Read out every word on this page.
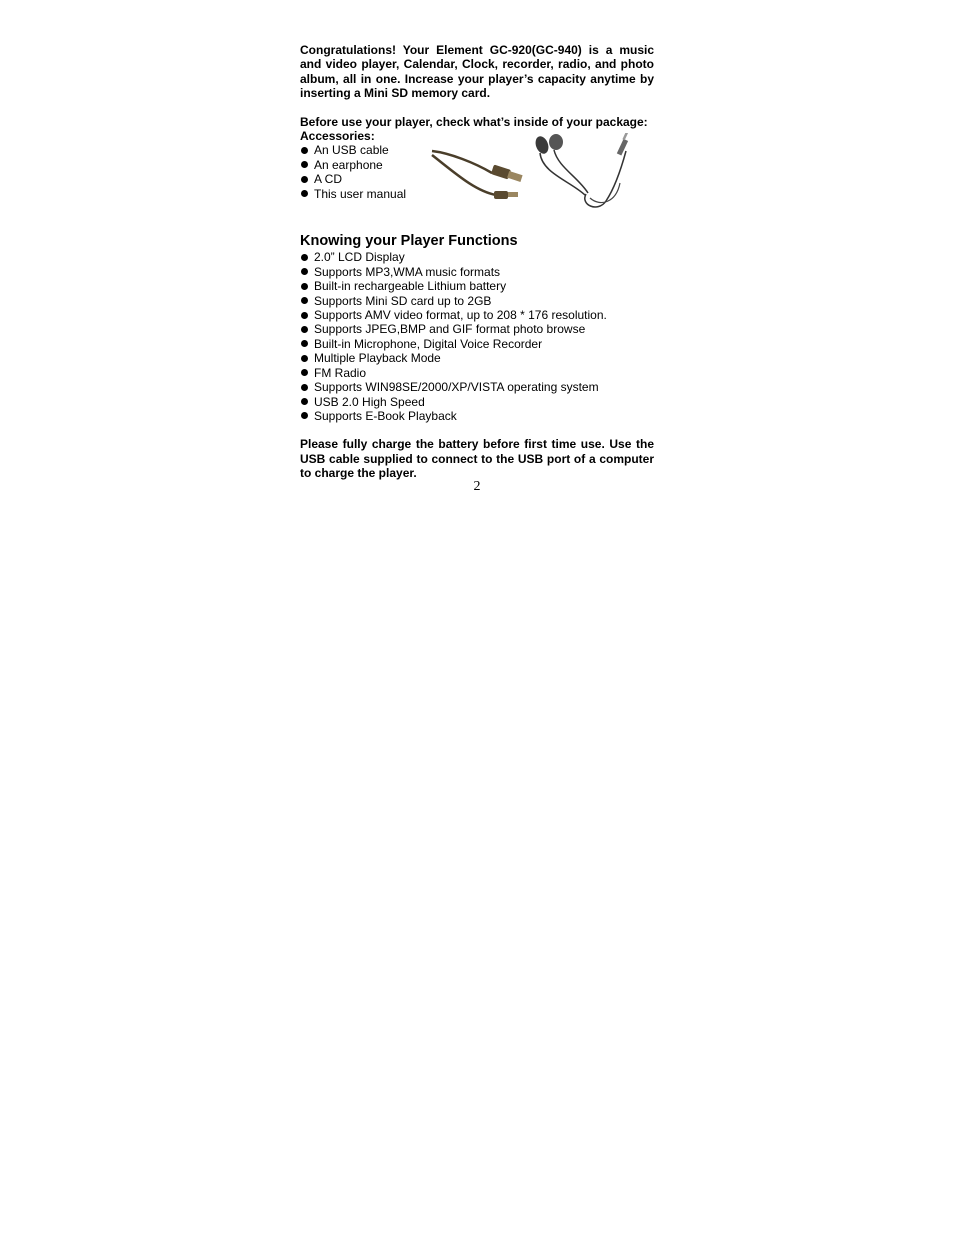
Congratulations! Your Element GC-920(GC-940) is a music and video player, Calendar, Clock, recorder, radio, and photo album, all in one. Increase your player’s capacity anytime by inserting a Mini SD memory card.

Before use your player, check what’s inside of your package:

Accessories:

An USB cable
An earphone
A CD
This user manual
Knowing your Player Functions
2.0” LCD Display
Supports MP3,WMA music formats
Built-in rechargeable Lithium battery
Supports Mini SD card up to 2GB
Supports AMV video format, up to 208 * 176 resolution.
Supports JPEG,BMP and GIF format photo browse
Built-in Microphone, Digital Voice Recorder
Multiple Playback Mode
FM Radio
Supports WIN98SE/2000/XP/VISTA operating system
USB 2.0 High Speed
Supports E-Book Playback

Please fully charge the battery before first time use. Use the USB cable supplied to connect to the USB port of a computer to charge the player.

2
